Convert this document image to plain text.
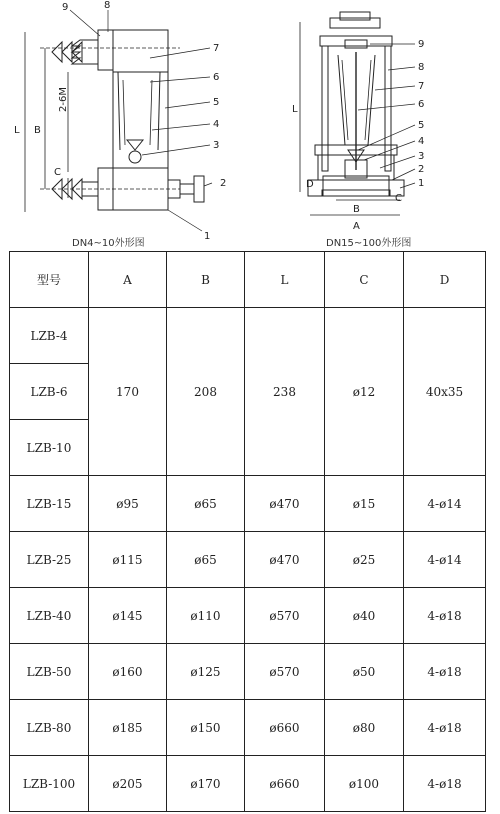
9	8
7
6
5
4
3
2
1
L B
2-6M
C
DN4~10外形图
9
8
7
6
5
4
3
2
1
L
D
B
A
C
DN15~100外形图
型号	A	B	L	C	D
LZB-4	170	208	238	ø12	40x35
LZB-6					
LZB-10					
LZB-15	ø95	ø65	ø470	ø15	4-ø14
LZB-25	ø115	ø65	ø470	ø25	4-ø14
LZB-40	ø145	ø110	ø570	ø40	4-ø18
LZB-50	ø160	ø125	ø570	ø50	4-ø18
LZB-80	ø185	ø150	ø660	ø80	4-ø18
LZB-100	ø205	ø170	ø660	ø100	4-ø18
